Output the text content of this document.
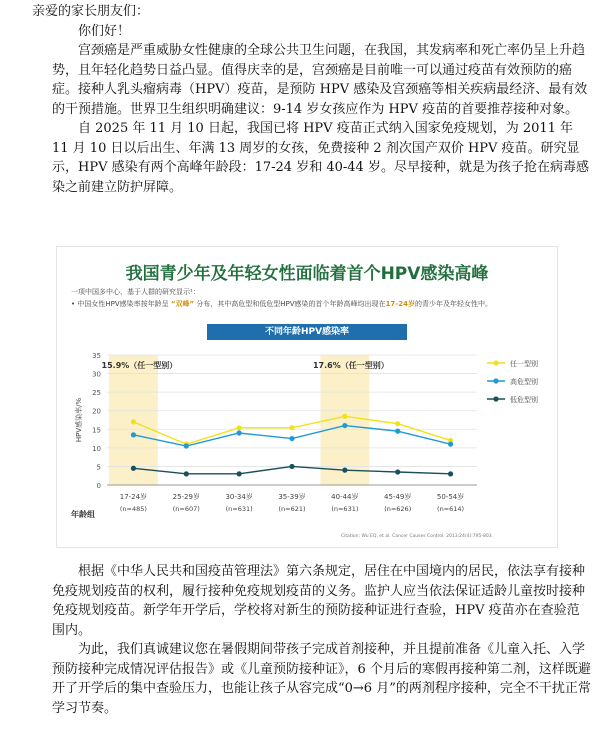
亲爱的家长朋友们：

你们好！

宫颈癌是严重威胁女性健康的全球公共卫生问题，在我国，其发病率和死亡率仍呈上升趋势，且年轻化趋势日益凸显。值得庆幸的是，宫颈癌是目前唯一可以通过疫苗有效预防的癌症。接种人乳头瘤病毒（HPV）疫苗，是预防 HPV 感染及宫颈癌等相关疾病最经济、最有效的干预措施。世界卫生组织明确建议：9-14 岁女孩应作为 HPV 疫苗的首要推荐接种对象。

自 2025 年 11 月 10 日起，我国已将 HPV 疫苗正式纳入国家免疫规划，为 2011 年 11 月 10 日以后出生、年满 13 周岁的女孩，免费接种 2 剂次国产双价 HPV 疫苗。研究显示，HPV 感染有两个高峰年龄段：17-24 岁和 40-44 岁。尽早接种，就是为孩子抢在病毒感染之前建立防护屏障。

我国青少年及年轻女性面临着首个HPV感染高峰
一项中国多中心、基于人群的研究显示¹：
• 中国女性HPV感染率按年龄呈 “双峰” 分布，其中高危型和低危型HPV感染的首个年龄高峰均出现在17-24岁的青少年及年轻女性中。
不同年龄HPV感染率
15.9%（任一型别）	17.6%（任一型别）
0
5
10
15
20
25
30
35
HPV感染率/%
17-24岁
(n=485)
25-29岁
(n=607)
30-34岁
(n=631)
35-39岁
(n=621)
40-44岁
(n=631)
45-49岁
(n=626)
50-54岁
(n=614)
年龄组
任一型别
高危型别
低危型别
Citation: Wu EQ, et al. Cancer Causes Control. 2013;24(4):795-803.

根据《中华人民共和国疫苗管理法》第六条规定，居住在中国境内的居民，依法享有接种免疫规划疫苗的权利，履行接种免疫规划疫苗的义务。监护人应当依法保证适龄儿童按时接种免疫规划疫苗。新学年开学后，学校将对新生的预防接种证进行查验，HPV 疫苗亦在查验范围内。

为此，我们真诚建议您在暑假期间带孩子完成首剂接种，并且提前准备《儿童入托、入学预防接种完成情况评估报告》或《儿童预防接种证》，6 个月后的寒假再接种第二剂，这样既避开了开学后的集中查验压力，也能让孩子从容完成“0→6 月”的两剂程序接种，完全不干扰正常学习节奏。
